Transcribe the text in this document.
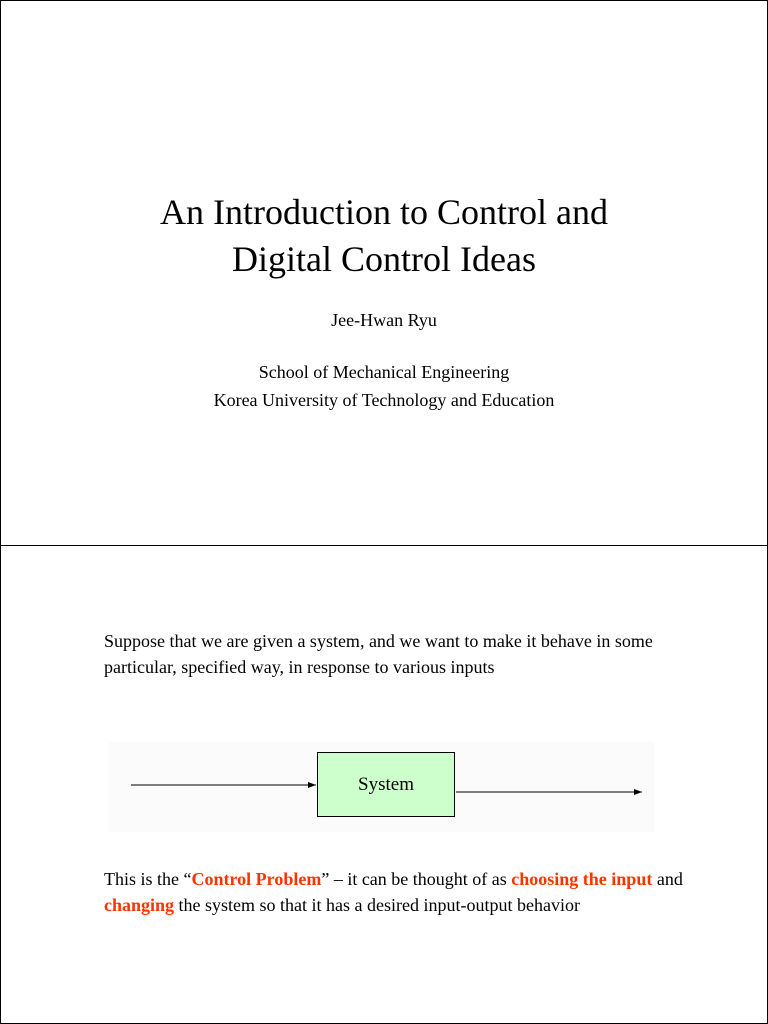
An Introduction to Control and
Digital Control Ideas
Jee-Hwan Ryu
School of Mechanical Engineering
Korea University of Technology and Education
Suppose that we are given a system, and we want to make it behave in some particular, specified way, in response to various inputs
System
This is the “Control Problem” – it can be thought of as choosing the input and changing the system so that it has a desired input-output behavior
